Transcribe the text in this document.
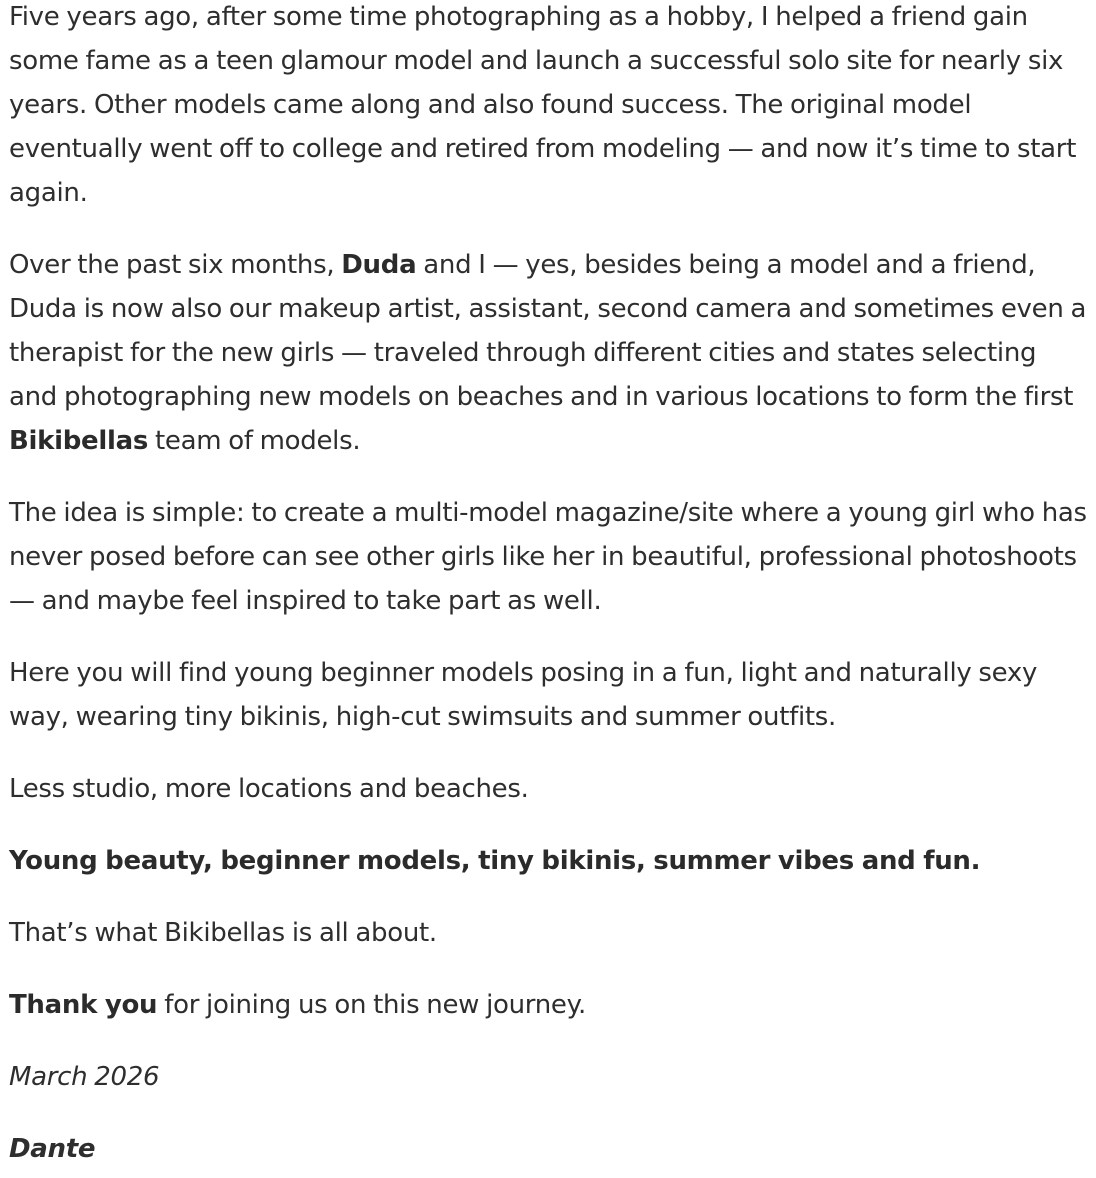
Five years ago, after some time photographing as a hobby, I helped a friend gain some fame as a teen glamour model and launch a successful solo site for nearly six years. Other models came along and also found success. The original model eventually went off to college and retired from modeling — and now it’s time to start again.

Over the past six months, Duda and I — yes, besides being a model and a friend, Duda is now also our makeup artist, assistant, second camera and sometimes even a therapist for the new girls — traveled through different cities and states selecting and photographing new models on beaches and in various locations to form the first Bikibellas team of models.

The idea is simple: to create a multi-model magazine/site where a young girl who has never posed before can see other girls like her in beautiful, professional photoshoots — and maybe feel inspired to take part as well.

Here you will find young beginner models posing in a fun, light and naturally sexy way, wearing tiny bikinis, high-cut swimsuits and summer outfits.

Less studio, more locations and beaches.

Young beauty, beginner models, tiny bikinis, summer vibes and fun.

That’s what Bikibellas is all about.

Thank you for joining us on this new journey.

March 2026

Dante
